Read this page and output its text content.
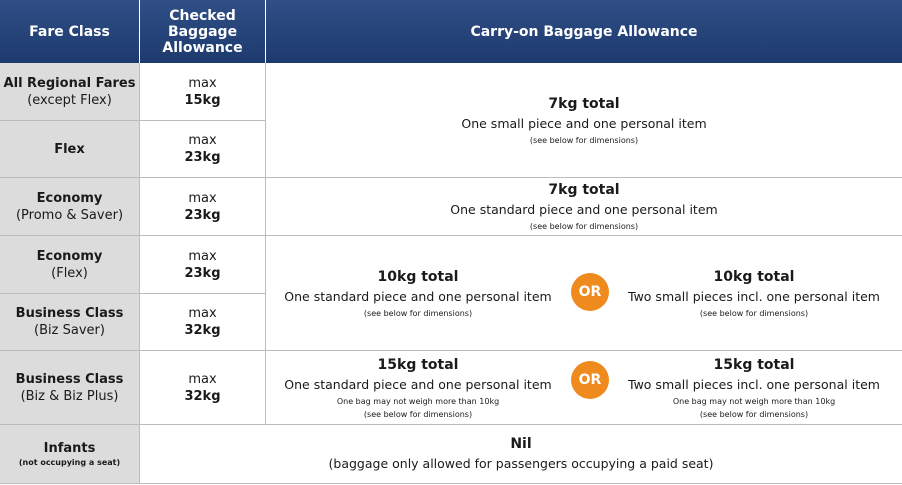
Fare Class
Checked
Baggage
Allowance
Carry-on Baggage Allowance
All Regional Fares
(except Flex)
max
15kg
Flex
max
23kg
7kg total
One small piece and one personal item
(see below for dimensions)
Economy
(Promo & Saver)
max
23kg
7kg total
One standard piece and one personal item
(see below for dimensions)
Economy
(Flex)
max
23kg
Business Class
(Biz Saver)
max
32kg
10kg total
One standard piece and one personal item
(see below for dimensions)
OR
10kg total
Two small pieces incl. one personal item
(see below for dimensions)
Business Class
(Biz & Biz Plus)
max
32kg
15kg total
One standard piece and one personal item
One bag may not weigh more than 10kg
(see below for dimensions)
OR
15kg total
Two small pieces incl. one personal item
One bag may not weigh more than 10kg
(see below for dimensions)
Infants
(not occupying a seat)
Nil
(baggage only allowed for passengers occupying a paid seat)
